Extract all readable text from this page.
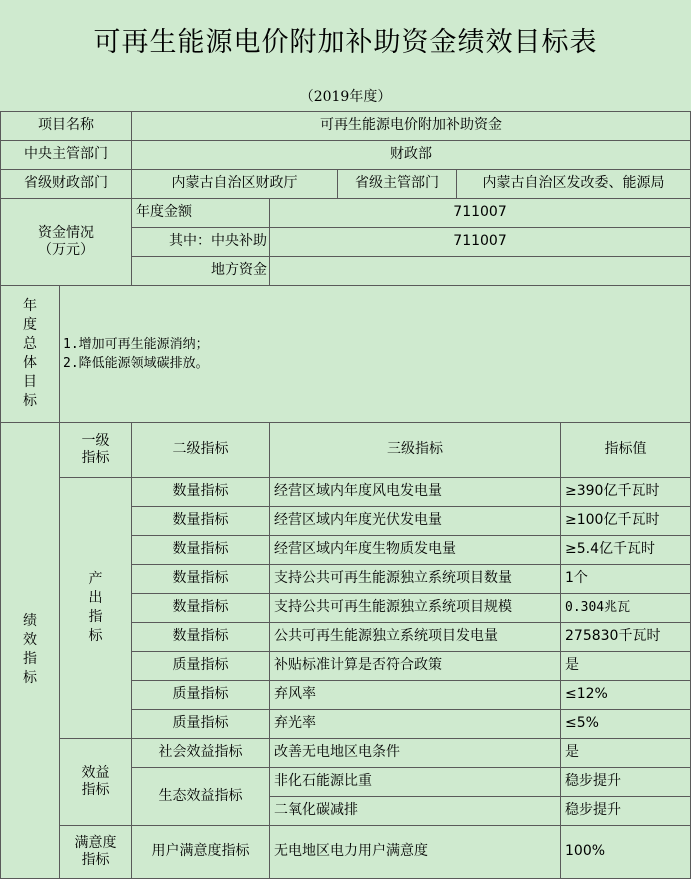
可再生能源电价附加补助资金绩效目标表						
（2019年度）						
项目名称		可再生能源电价附加补助资金				
中央主管部门		财政部				
省级财政部门		内蒙古自治区财政厅		省级主管部门	内蒙古自治区发改委、能源局	
资金情况
（万元）		年度金额	711007			
		其中：中央补助	711007			
		地方资金				
年度总体目标	1.增加可再生能源消纳；
2.降低能源领域碳排放。					
绩效指标	一级指标	二级指标	三级指标			指标值
	产出指标	数量指标	经营区域内年度风电发电量			≥390亿千瓦时
		数量指标	经营区域内年度光伏发电量			≥100亿千瓦时
		数量指标	经营区域内年度生物质发电量			≥5.4亿千瓦时
		数量指标	支持公共可再生能源独立系统项目数量			1个
		数量指标	支持公共可再生能源独立系统项目规模			0.304兆瓦
		数量指标	公共可再生能源独立系统项目发电量			275830千瓦时
		质量指标	补贴标准计算是否符合政策			是
		质量指标	弃风率			≤12%
		质量指标	弃光率			≤5%
	效益指标	社会效益指标	改善无电地区电条件			是
		生态效益指标	非化石能源比重			稳步提升
			二氧化碳减排			稳步提升
	满意度指标	用户满意度指标	无电地区电力用户满意度			100%
